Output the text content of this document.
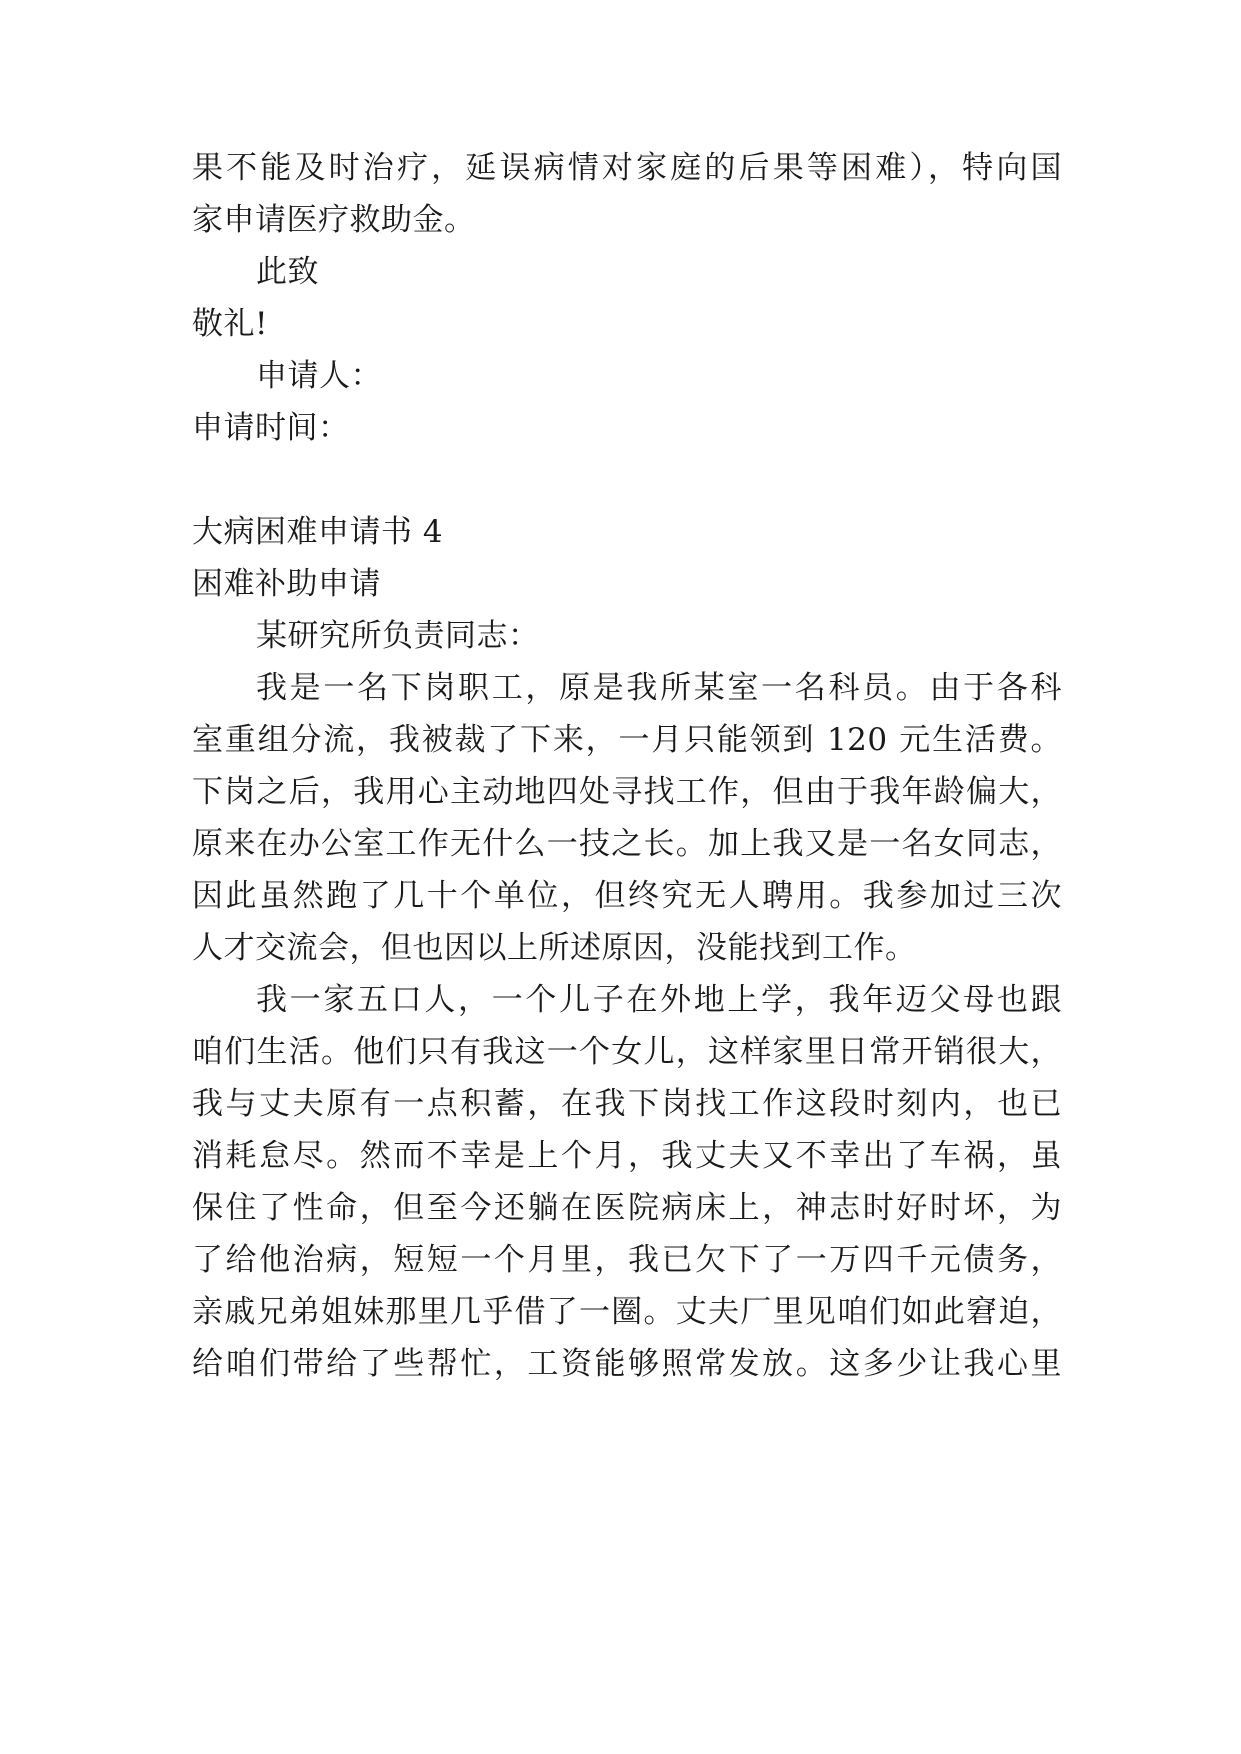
果不能及时治疗，延误病情对家庭的后果等困难），特向国
家申请医疗救助金。
此致
敬礼!
申请人：
申请时间：
大病困难申请书 4
困难补助申请
某研究所负责同志：
我是一名下岗职工，原是我所某室一名科员。由于各科
室重组分流，我被裁了下来，一月只能领到 120 元生活费。
下岗之后，我用心主动地四处寻找工作，但由于我年龄偏大，
原来在办公室工作无什么一技之长。加上我又是一名女同志，
因此虽然跑了几十个单位，但终究无人聘用。我参加过三次
人才交流会，但也因以上所述原因，没能找到工作。
我一家五口人，一个儿子在外地上学，我年迈父母也跟
咱们生活。他们只有我这一个女儿，这样家里日常开销很大，
我与丈夫原有一点积蓄，在我下岗找工作这段时刻内，也已
消耗怠尽。然而不幸是上个月，我丈夫又不幸出了车祸，虽
保住了性命，但至今还躺在医院病床上，神志时好时坏，为
了给他治病，短短一个月里，我已欠下了一万四千元债务，
亲戚兄弟姐妹那里几乎借了一圈。丈夫厂里见咱们如此窘迫，
给咱们带给了些帮忙，工资能够照常发放。这多少让我心里
